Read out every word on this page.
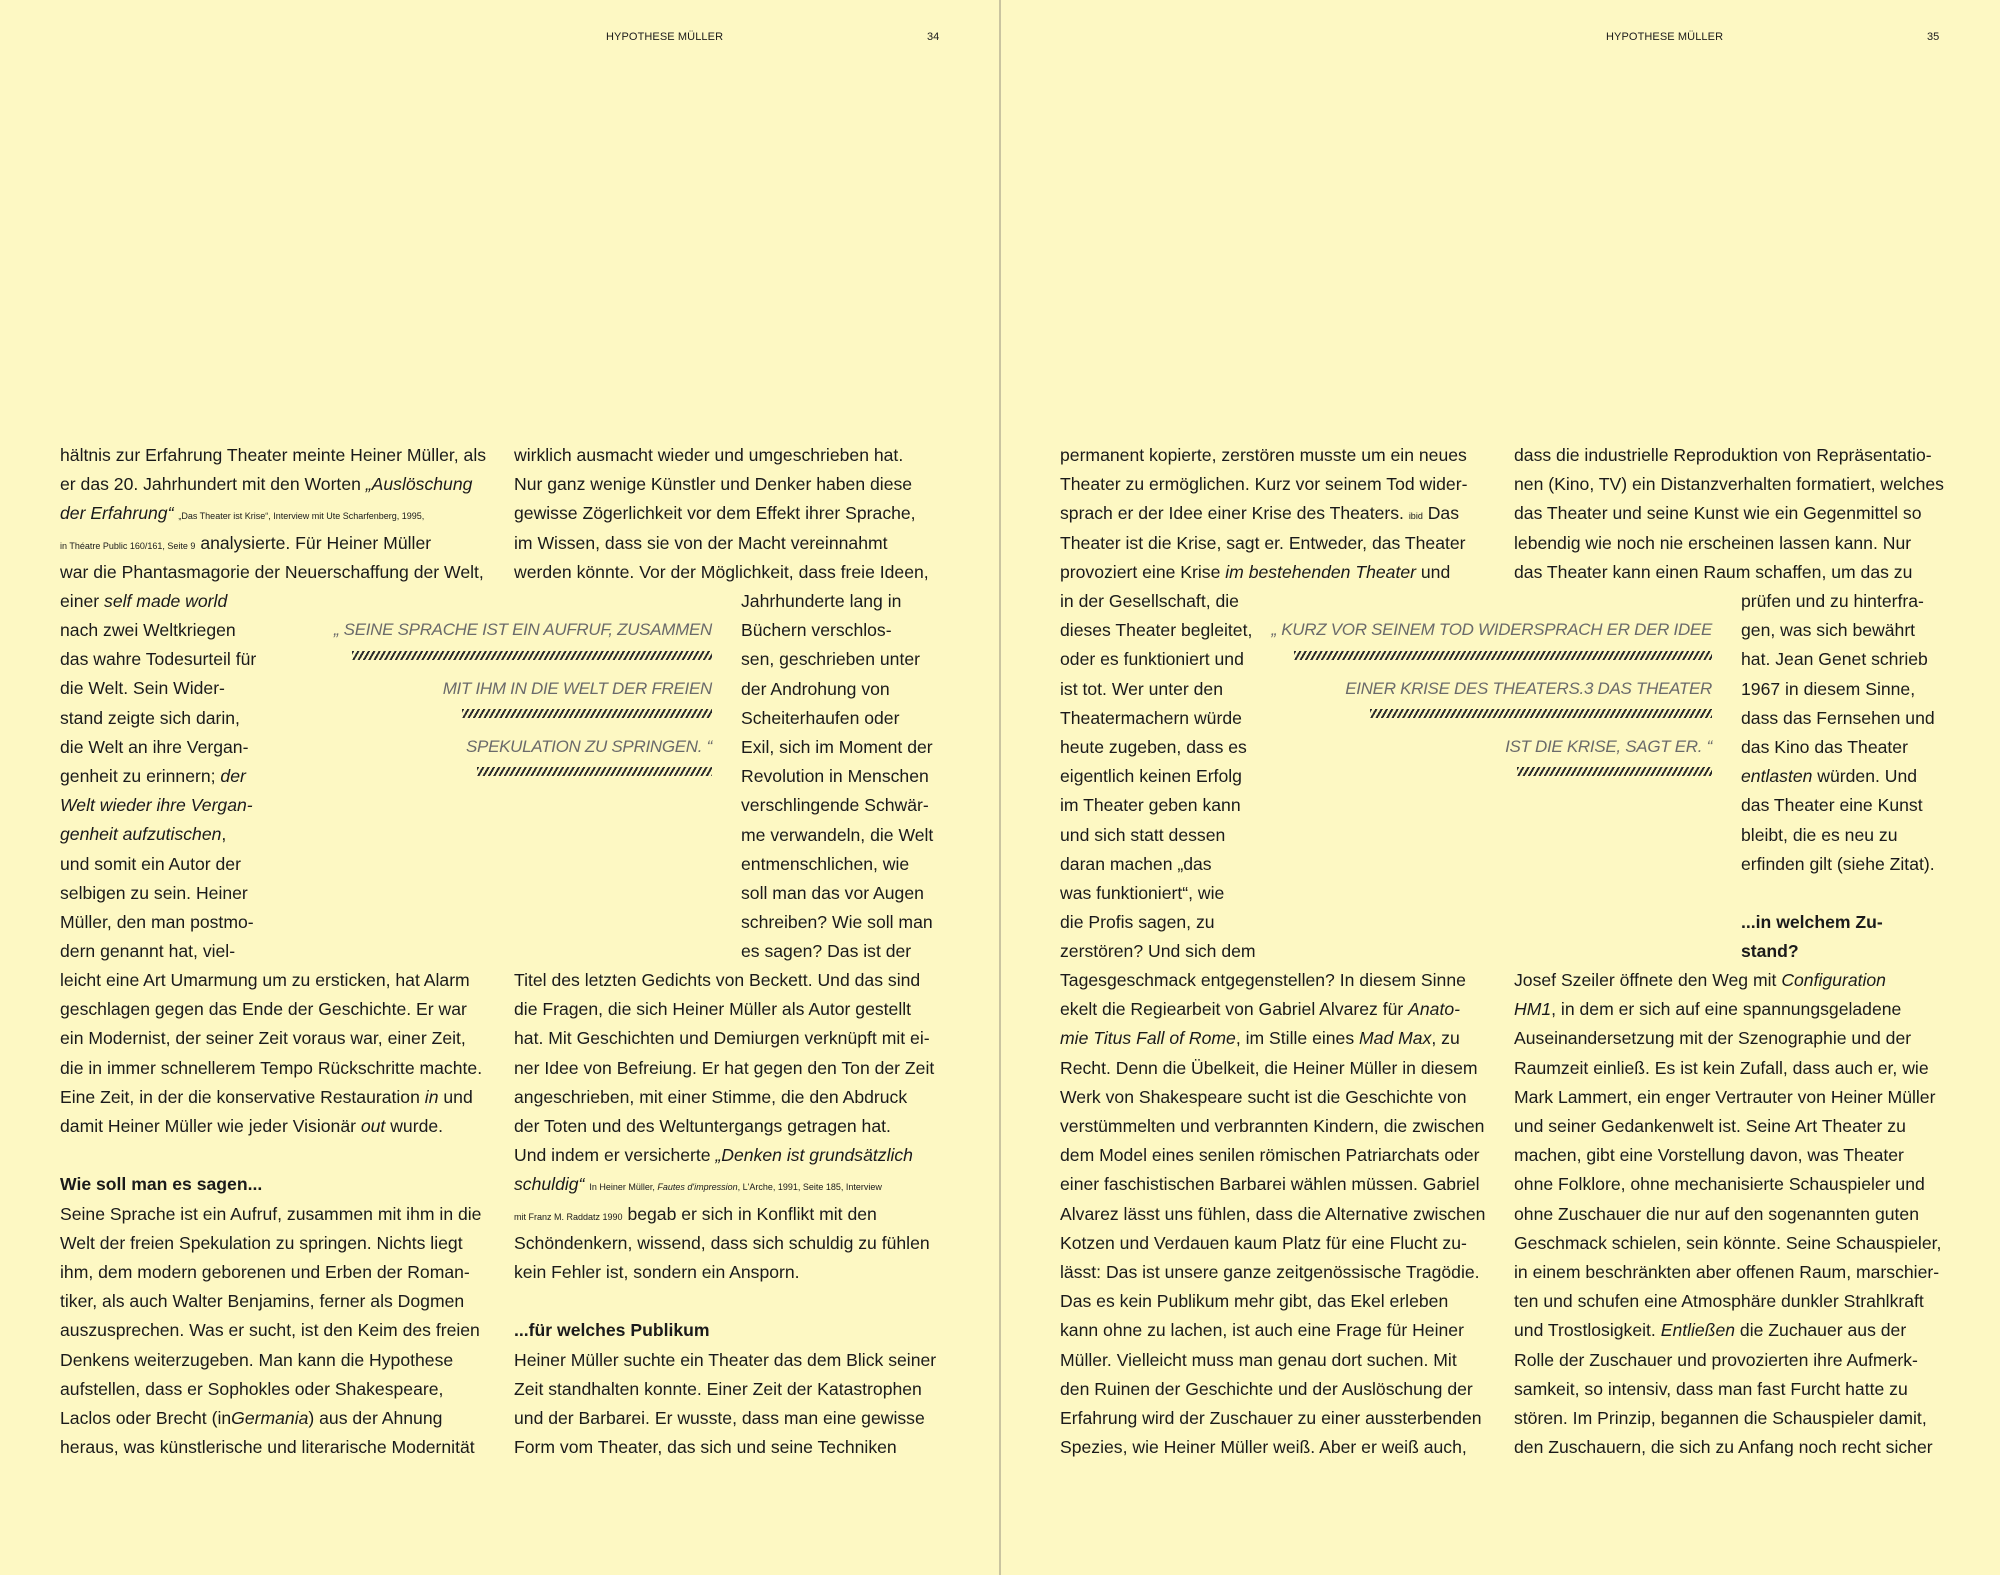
HYPOTHESE MÜLLER	34
hältnis zur Erfahrung Theater meinte Heiner Müller, als
er das 20. Jahrhundert mit den Worten „Auslöschung
der Erfahrung“ „Das Theater ist Krise“, Interview mit Ute Scharfenberg, 1995,
in Théatre Public 160/161, Seite 9 analysierte. Für Heiner Müller
war die Phantasmagorie der Neuerschaffung der Welt,
einer self made world
nach zwei Weltkriegen
das wahre Todesurteil für
die Welt. Sein Wider-
stand zeigte sich darin,
die Welt an ihre Vergan-
genheit zu erinnern; der
Welt wieder ihre Vergan-
genheit aufzutischen,
und somit ein Autor der
selbigen zu sein. Heiner
Müller, den man postmo-
dern genannt hat, viel-
leicht eine Art Umarmung um zu ersticken, hat Alarm
geschlagen gegen das Ende der Geschichte. Er war
ein Modernist, der seiner Zeit voraus war, einer Zeit,
die in immer schnellerem Tempo Rückschritte machte.
Eine Zeit, in der die konservative Restauration in und
damit Heiner Müller wie jeder Visionär out wurde.

Wie soll man es sagen...
Seine Sprache ist ein Aufruf, zusammen mit ihm in die
Welt der freien Spekulation zu springen. Nichts liegt
ihm, dem modern geborenen und Erben der Roman-
tiker, als auch Walter Benjamins, ferner als Dogmen
auszusprechen. Was er sucht, ist den Keim des freien
Denkens weiterzugeben. Man kann die Hypothese
aufstellen, dass er Sophokles oder Shakespeare,
Laclos oder Brecht (inGermania) aus der Ahnung
heraus, was künstlerische und literarische Modernität
wirklich ausmacht wieder und umgeschrieben hat.
Nur ganz wenige Künstler und Denker haben diese
gewisse Zögerlichkeit vor dem Effekt ihrer Sprache,
im Wissen, dass sie von der Macht vereinnahmt
werden könnte. Vor der Möglichkeit, dass freie Ideen,
Jahrhunderte lang in
Büchern verschlos-
sen, geschrieben unter
der Androhung von
Scheiterhaufen oder
Exil, sich im Moment der
Revolution in Menschen
verschlingende Schwär-
me verwandeln, die Welt
entmenschlichen, wie
soll man das vor Augen
schreiben? Wie soll man
es sagen? Das ist der
Titel des letzten Gedichts von Beckett. Und das sind
die Fragen, die sich Heiner Müller als Autor gestellt
hat. Mit Geschichten und Demiurgen verknüpft mit ei-
ner Idee von Befreiung. Er hat gegen den Ton der Zeit
angeschrieben, mit einer Stimme, die den Abdruck
der Toten und des Weltuntergangs getragen hat.
Und indem er versicherte „Denken ist grundsätzlich
schuldig“ In Heiner Müller, Fautes d'impression, L'Arche, 1991, Seite 185, Interview
mit Franz M. Raddatz 1990 begab er sich in Konflikt mit den
Schöndenkern, wissend, dass sich schuldig zu fühlen
kein Fehler ist, sondern ein Ansporn.

...für welches Publikum
Heiner Müller suchte ein Theater das dem Blick seiner
Zeit standhalten konnte. Einer Zeit der Katastrophen
und der Barbarei. Er wusste, dass man eine gewisse
Form vom Theater, das sich und seine Techniken
„ SEINE SPRACHE IST EIN AUFRUF, ZUSAMMEN
MIT IHM IN DIE WELT DER FREIEN
SPEKULATION ZU SPRINGEN. “
HYPOTHESE MÜLLER	35
permanent kopierte, zerstören musste um ein neues
Theater zu ermöglichen. Kurz vor seinem Tod wider-
sprach er der Idee einer Krise des Theaters. ibid Das
Theater ist die Krise, sagt er. Entweder, das Theater
provoziert eine Krise im bestehenden Theater und
in der Gesellschaft, die
dieses Theater begleitet,
oder es funktioniert und
ist tot. Wer unter den
Theatermachern würde
heute zugeben, dass es
eigentlich keinen Erfolg
im Theater geben kann
und sich statt dessen
daran machen „das
was funktioniert“, wie
die Profis sagen, zu
zerstören? Und sich dem
Tagesgeschmack entgegenstellen? In diesem Sinne
ekelt die Regiearbeit von Gabriel Alvarez für Anato-
mie Titus Fall of Rome, im Stille eines Mad Max, zu
Recht. Denn die Übelkeit, die Heiner Müller in diesem
Werk von Shakespeare sucht ist die Geschichte von
verstümmelten und verbrannten Kindern, die zwischen
dem Model eines senilen römischen Patriarchats oder
einer faschistischen Barbarei wählen müssen. Gabriel
Alvarez lässt uns fühlen, dass die Alternative zwischen
Kotzen und Verdauen kaum Platz für eine Flucht zu-
lässt: Das ist unsere ganze zeitgenössische Tragödie.
Das es kein Publikum mehr gibt, das Ekel erleben
kann ohne zu lachen, ist auch eine Frage für Heiner
Müller. Vielleicht muss man genau dort suchen. Mit
den Ruinen der Geschichte und der Auslöschung der
Erfahrung wird der Zuschauer zu einer aussterbenden
Spezies, wie Heiner Müller weiß. Aber er weiß auch,
dass die industrielle Reproduktion von Repräsentatio-
nen (Kino, TV) ein Distanzverhalten formatiert, welches
das Theater und seine Kunst wie ein Gegenmittel so
lebendig wie noch nie erscheinen lassen kann. Nur
das Theater kann einen Raum schaffen, um das zu
prüfen und zu hinterfra-
gen, was sich bewährt
hat. Jean Genet schrieb
1967 in diesem Sinne,
dass das Fernsehen und
das Kino das Theater
entlasten würden. Und
das Theater eine Kunst
bleibt, die es neu zu
erfinden gilt (siehe Zitat).

...in welchem Zu-
stand?
Josef Szeiler öffnete den Weg mit Configuration
HM1, in dem er sich auf eine spannungsgeladene
Auseinandersetzung mit der Szenographie und der
Raumzeit einließ. Es ist kein Zufall, dass auch er, wie
Mark Lammert, ein enger Vertrauter von Heiner Müller
und seiner Gedankenwelt ist. Seine Art Theater zu
machen, gibt eine Vorstellung davon, was Theater
ohne Folklore, ohne mechanisierte Schauspieler und
ohne Zuschauer die nur auf den sogenannten guten
Geschmack schielen, sein könnte. Seine Schauspieler,
in einem beschränkten aber offenen Raum, marschier-
ten und schufen eine Atmosphäre dunkler Strahlkraft
und Trostlosigkeit. Entließen die Zuchauer aus der
Rolle der Zuschauer und provozierten ihre Aufmerk-
samkeit, so intensiv, dass man fast Furcht hatte zu
stören. Im Prinzip, begannen die Schauspieler damit,
den Zuschauern, die sich zu Anfang noch recht sicher
„ KURZ VOR SEINEM TOD WIDERSPRACH ER DER IDEE
EINER KRISE DES THEATERS.3 DAS THEATER
IST DIE KRISE, SAGT ER. “
